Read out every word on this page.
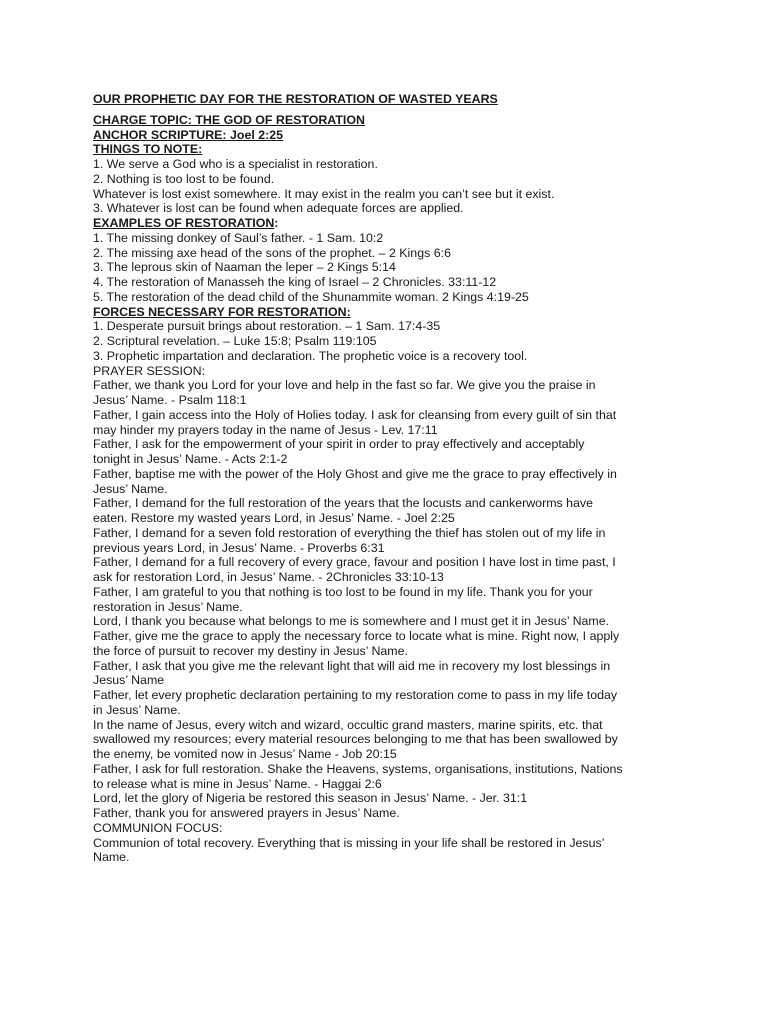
OUR PROPHETIC DAY FOR THE RESTORATION OF WASTED YEARS
CHARGE TOPIC: THE GOD OF RESTORATION
ANCHOR SCRIPTURE: Joel 2:25
THINGS TO NOTE:
1. We serve a God who is a specialist in restoration.
2. Nothing is too lost to be found.
Whatever is lost exist somewhere. It may exist in the realm you can’t see but it exist.
3. Whatever is lost can be found when adequate forces are applied.
EXAMPLES OF RESTORATION:
1. The missing donkey of Saul’s father. - 1 Sam. 10:2
2. The missing axe head of the sons of the prophet. – 2 Kings 6:6
3. The leprous skin of Naaman the leper – 2 Kings 5:14
4. The restoration of Manasseh the king of Israel – 2 Chronicles. 33:11-12
5. The restoration of the dead child of the Shunammite woman. 2 Kings 4:19-25
FORCES NECESSARY FOR RESTORATION:
1. Desperate pursuit brings about restoration. – 1 Sam. 17:4-35
2. Scriptural revelation. – Luke 15:8; Psalm 119:105
3. Prophetic impartation and declaration. The prophetic voice is a recovery tool.
PRAYER SESSION:
Father, we thank you Lord for your love and help in the fast so far. We give you the praise in
Jesus’ Name. - Psalm 118:1
Father, I gain access into the Holy of Holies today. I ask for cleansing from every guilt of sin that
may hinder my prayers today in the name of Jesus - Lev. 17:11
Father, I ask for the empowerment of your spirit in order to pray effectively and acceptably
tonight in Jesus’ Name. - Acts 2:1-2
Father, baptise me with the power of the Holy Ghost and give me the grace to pray effectively in
Jesus’ Name.
Father, I demand for the full restoration of the years that the locusts and cankerworms have
eaten. Restore my wasted years Lord, in Jesus’ Name. - Joel 2:25
Father, I demand for a seven fold restoration of everything the thief has stolen out of my life in
previous years Lord, in Jesus’ Name. - Proverbs 6:31
Father, I demand for a full recovery of every grace, favour and position I have lost in time past, I
ask for restoration Lord, in Jesus’ Name. - 2Chronicles 33:10-13
Father, I am grateful to you that nothing is too lost to be found in my life. Thank you for your
restoration in Jesus’ Name.
Lord, I thank you because what belongs to me is somewhere and I must get it in Jesus’ Name.
Father, give me the grace to apply the necessary force to locate what is mine. Right now, I apply
the force of pursuit to recover my destiny in Jesus’ Name.
Father, I ask that you give me the relevant light that will aid me in recovery my lost blessings in
Jesus’ Name
Father, let every prophetic declaration pertaining to my restoration come to pass in my life today
in Jesus’ Name.
In the name of Jesus, every witch and wizard, occultic grand masters, marine spirits, etc. that
swallowed my resources; every material resources belonging to me that has been swallowed by
the enemy, be vomited now in Jesus’ Name - Job 20:15
Father, I ask for full restoration. Shake the Heavens, systems, organisations, institutions, Nations
to release what is mine in Jesus’ Name. - Haggai 2:6
Lord, let the glory of Nigeria be restored this season in Jesus’ Name. - Jer. 31:1
Father, thank you for answered prayers in Jesus’ Name.
COMMUNION FOCUS:
Communion of total recovery. Everything that is missing in your life shall be restored in Jesus’
Name.
